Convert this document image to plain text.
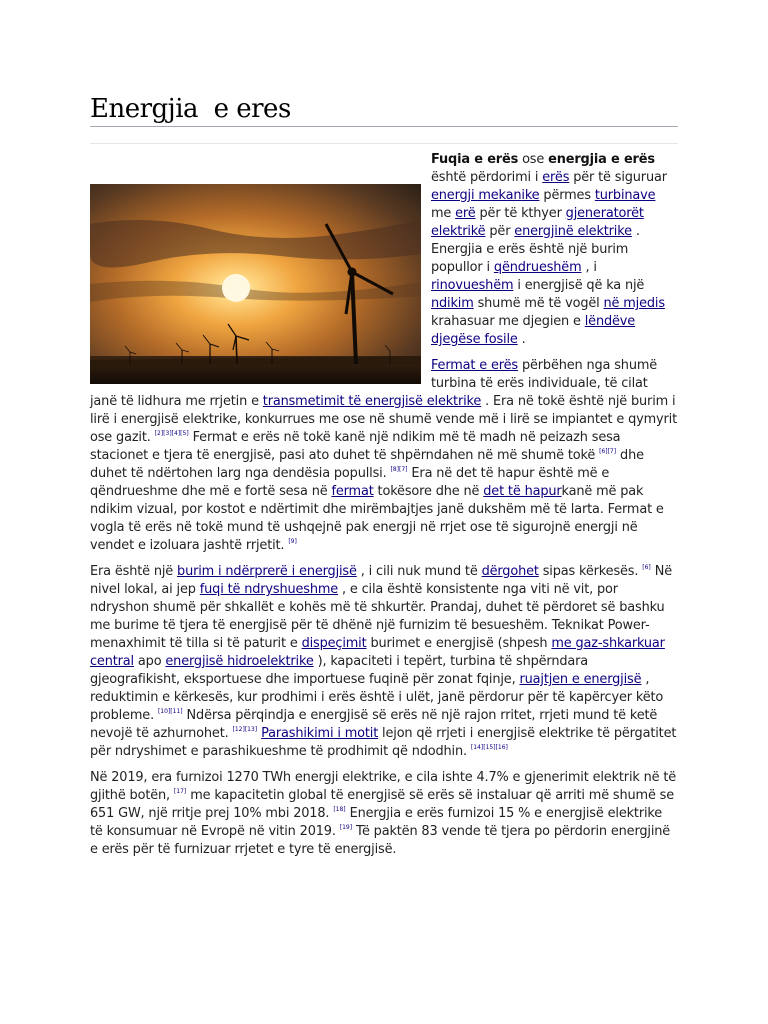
Energjia  e eres

Fuqia e erës ose energjia e erës është përdorimi i erës për të siguruar energji mekanike përmes turbinave me erë për të kthyer gjeneratorët elektrikë për energjinë elektrike . Energjia e erës është një burim popullor i qëndrueshëm , i rinovueshëm i energjisë që ka një ndikim shumë më të vogël në mjedis krahasuar me djegien e lëndëve djegëse fosile .

Fermat e erës përbëhen nga shumë turbina të erës individuale, të cilat janë të lidhura me rrjetin e transmetimit të energjisë elektrike . Era në tokë është një burim i lirë i energjisë elektrike, konkurrues me ose në shumë vende më i lirë se impiantet e qymyrit ose gazit. [2][3][4][5] Fermat e erës në tokë kanë një ndikim më të madh në peizazh sesa stacionet e tjera të energjisë, pasi ato duhet të shpërndahen në më shumë tokë [6][7] dhe duhet të ndërtohen larg nga dendësia popullsi. [8][7] Era në det të hapur është më e qëndrueshme dhe më e fortë sesa në fermat tokësore dhe në det të hapurkanë më pak ndikim vizual, por kostot e ndërtimit dhe mirëmbajtjes janë dukshëm më të larta. Fermat e vogla të erës në tokë mund të ushqejnë pak energji në rrjet ose të sigurojnë energji në vendet e izoluara jashtë rrjetit. [9]

Era është një burim i ndërprerë i energjisë , i cili nuk mund të dërgohet sipas kërkesës. [6] Në nivel lokal, ai jep fuqi të ndryshueshme , e cila është konsistente nga viti në vit, por ndryshon shumë për shkallët e kohës më të shkurtër. Prandaj, duhet të përdoret së bashku me burime të tjera të energjisë për të dhënë një furnizim të besueshëm. Teknikat Power-menaxhimit të tilla si të paturit e dispeçimit burimet e energjisë (shpesh me gaz-shkarkuar central apo energjisë hidroelektrike ), kapaciteti i tepërt, turbina të shpërndara gjeografikisht, eksportuese dhe importuese fuqinë për zonat fqinje, ruajtjen e energjisë , reduktimin e kërkesës, kur prodhimi i erës është i ulët, janë përdorur për të kapërcyer këto probleme. [10][11] Ndërsa përqindja e energjisë së erës në një rajon rritet, rrjeti mund të ketë nevojë të azhurnohet. [12][13] Parashikimi i motit lejon që rrjeti i energjisë elektrike të përgatitet për ndryshimet e parashikueshme të prodhimit që ndodhin. [14][15][16]

Në 2019, era furnizoi 1270 TWh energji elektrike, e cila ishte 4.7% e gjenerimit elektrik në të gjithë botën, [17] me kapacitetin global të energjisë së erës së instaluar që arriti më shumë se 651 GW, një rritje prej 10% mbi 2018. [18] Energjia e erës furnizoi 15 % e energjisë elektrike të konsumuar në Evropë në vitin 2019. [19] Të paktën 83 vende të tjera po përdorin energjinë e erës për të furnizuar rrjetet e tyre të energjisë.
